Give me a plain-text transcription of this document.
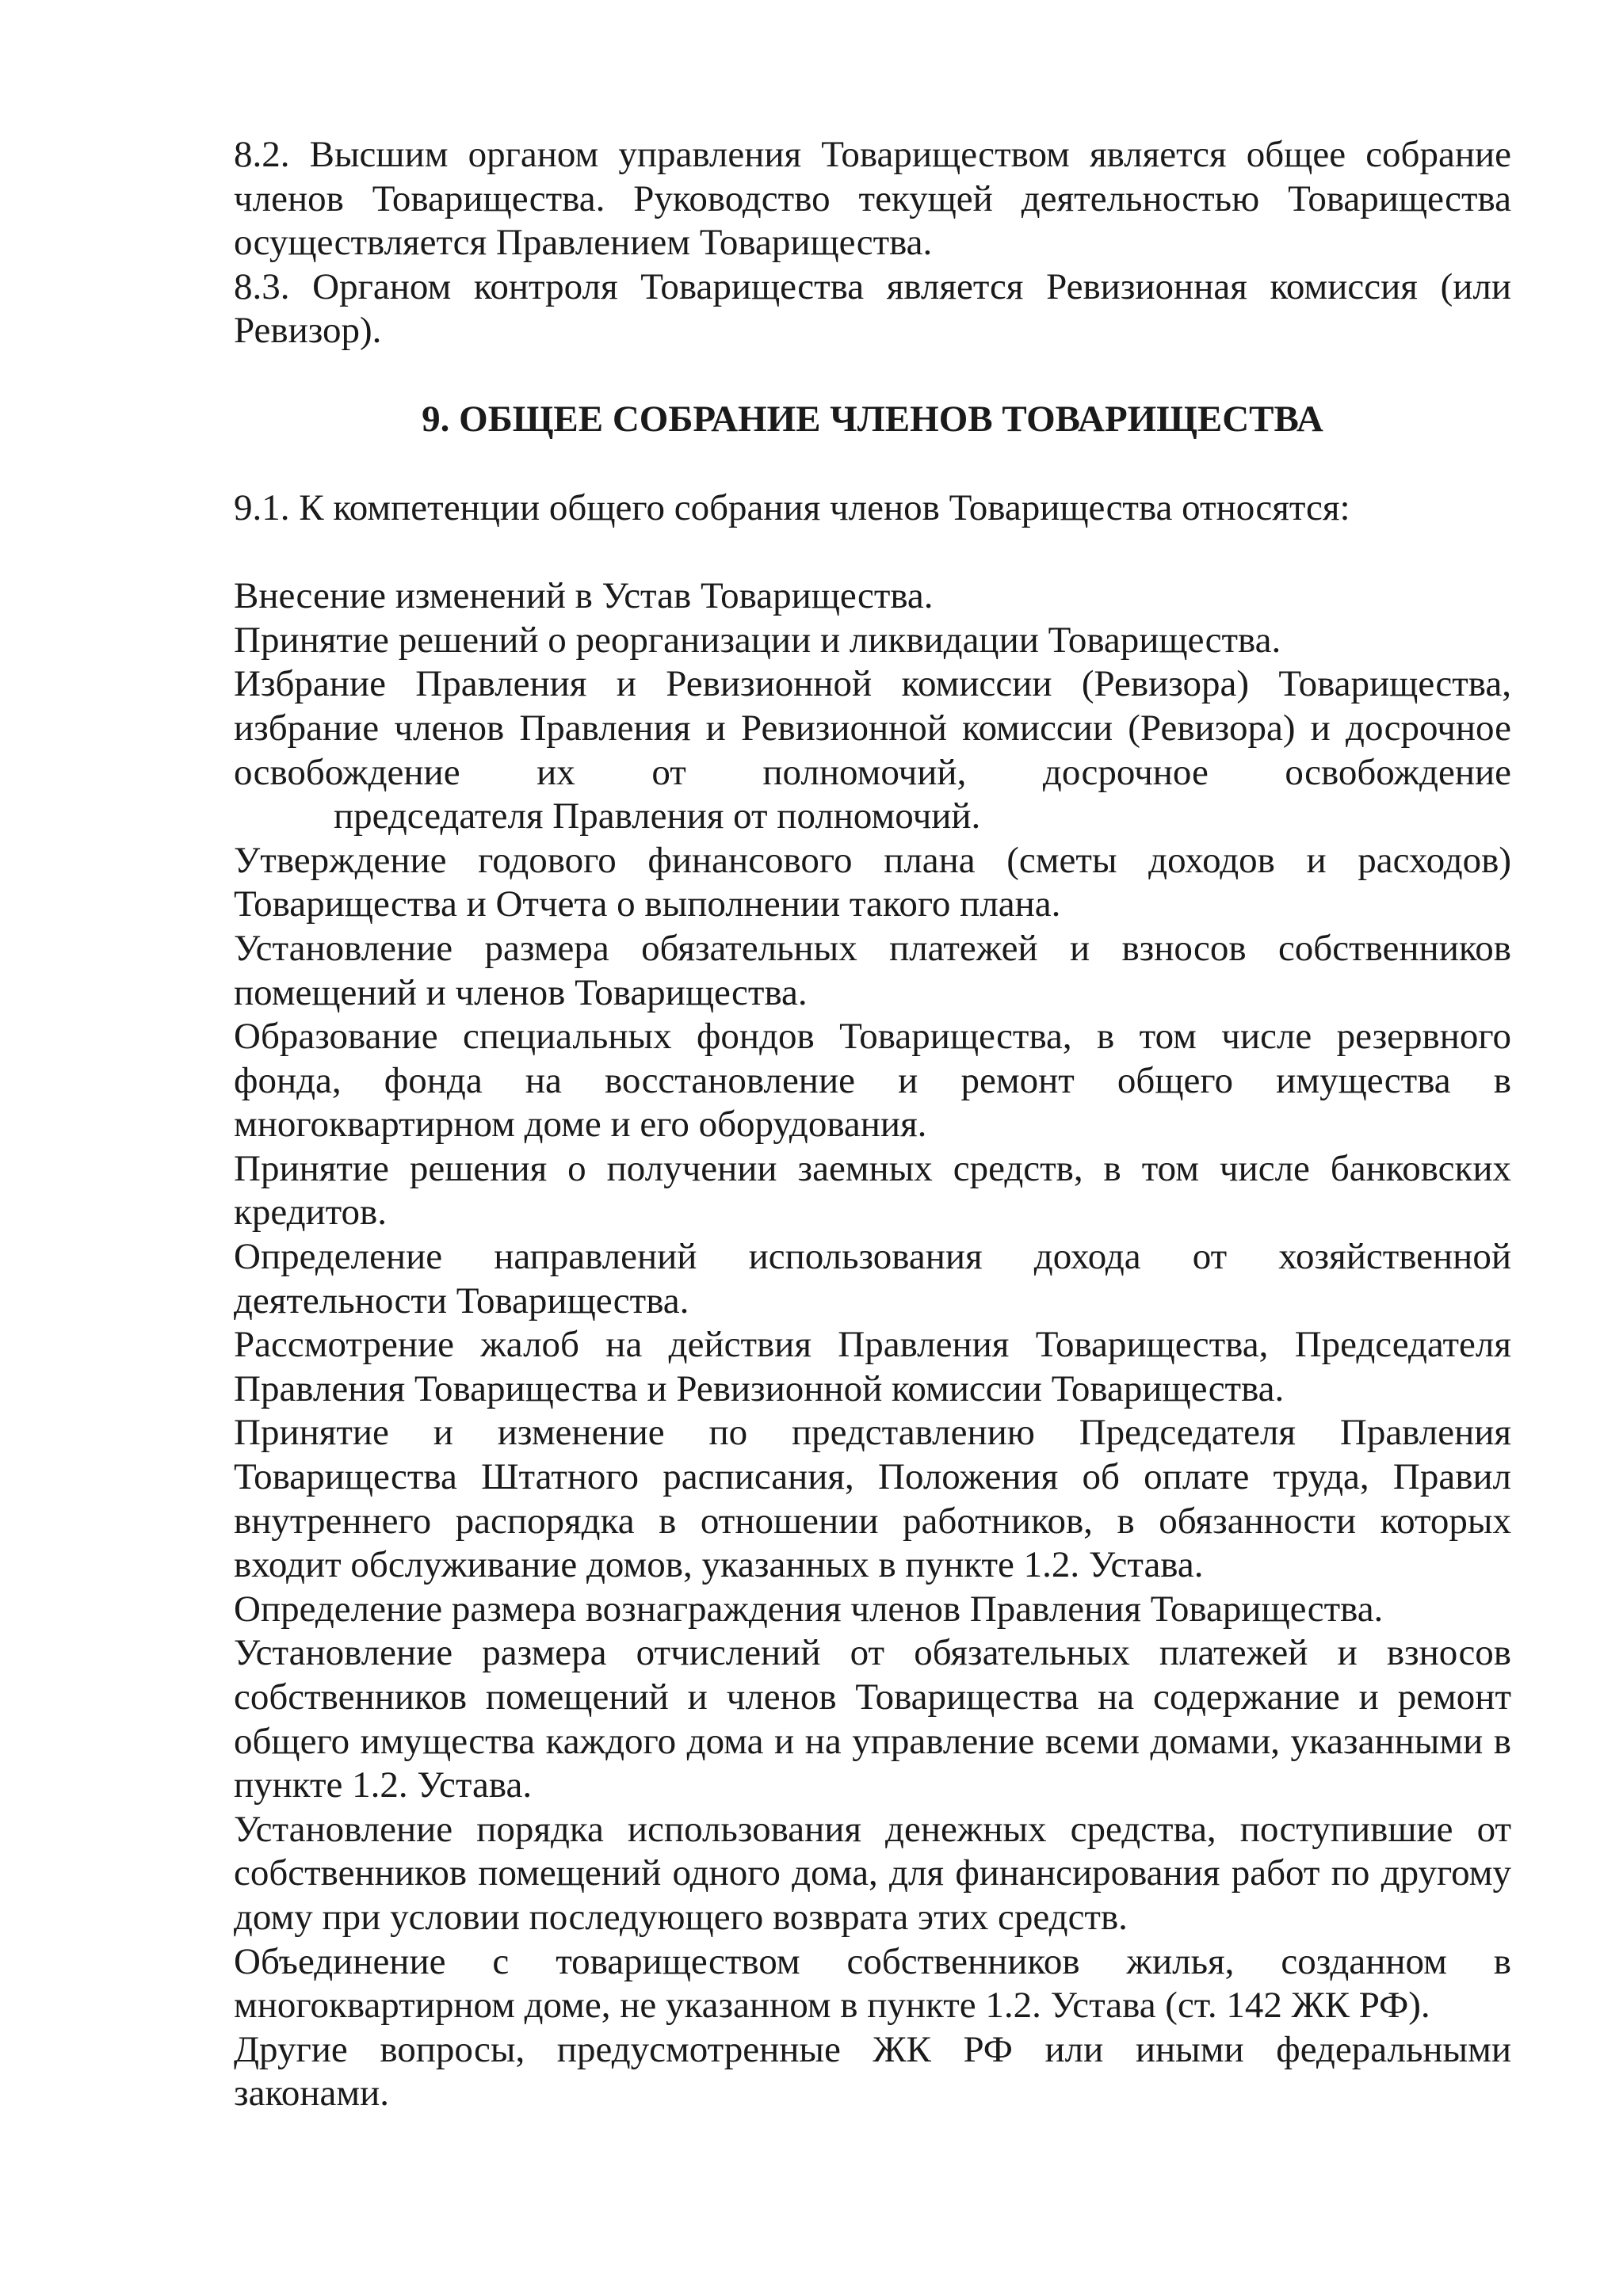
8.2. Высшим органом управления Товариществом является общее собрание членов Товарищества. Руководство текущей деятельностью Товарищества осуществляется Правлением Товарищества.

8.3. Органом контроля Товарищества является Ревизионная комиссия (или Ревизор).

9. ОБЩЕЕ СОБРАНИЕ ЧЛЕНОВ ТОВАРИЩЕСТВА

9.1. К компетенции общего собрания членов Товарищества относятся:

Внесение изменений в Устав Товарищества.

Принятие решений о реорганизации и ликвидации Товарищества.

Избрание Правления и Ревизионной комиссии (Ревизора) Товарищества, избрание членов Правления и Ревизионной комиссии (Ревизора) и досрочное освобождение их от полномочий, досрочное освобождение

председателя Правления от полномочий.

Утверждение годового финансового плана (сметы доходов и расходов) Товарищества и Отчета о выполнении такого плана.

Установление размера обязательных платежей и взносов собственников помещений и членов Товарищества.

Образование специальных фондов Товарищества, в том числе резервного фонда, фонда на восстановление и ремонт общего имущества в многоквартирном доме и его оборудования.

Принятие решения о получении заемных средств, в том числе банковских кредитов.

Определение направлений использования дохода от хозяйственной деятельности Товарищества.

Рассмотрение жалоб на действия Правления Товарищества, Председателя Правления Товарищества и Ревизионной комиссии Товарищества.

Принятие и изменение по представлению Председателя Правления Товарищества Штатного расписания, Положения об оплате труда, Правил внутреннего распорядка в отношении работников, в обязанности которых входит обслуживание домов, указанных в пункте 1.2. Устава.

Определение размера вознаграждения членов Правления Товарищества.

Установление размера отчислений от обязательных платежей и взносов собственников помещений и членов Товарищества на содержание и ремонт общего имущества каждого дома и на управление всеми домами, указанными в пункте 1.2. Устава.

Установление порядка использования денежных средства, поступившие от собственников помещений одного дома, для финансирования работ по другому дому при условии последующего возврата этих средств.

Объединение с товариществом собственников жилья, созданном в многоквартирном доме, не указанном в пункте 1.2. Устава (ст. 142 ЖК РФ).

Другие вопросы, предусмотренные ЖК РФ или иными федеральными законами.
